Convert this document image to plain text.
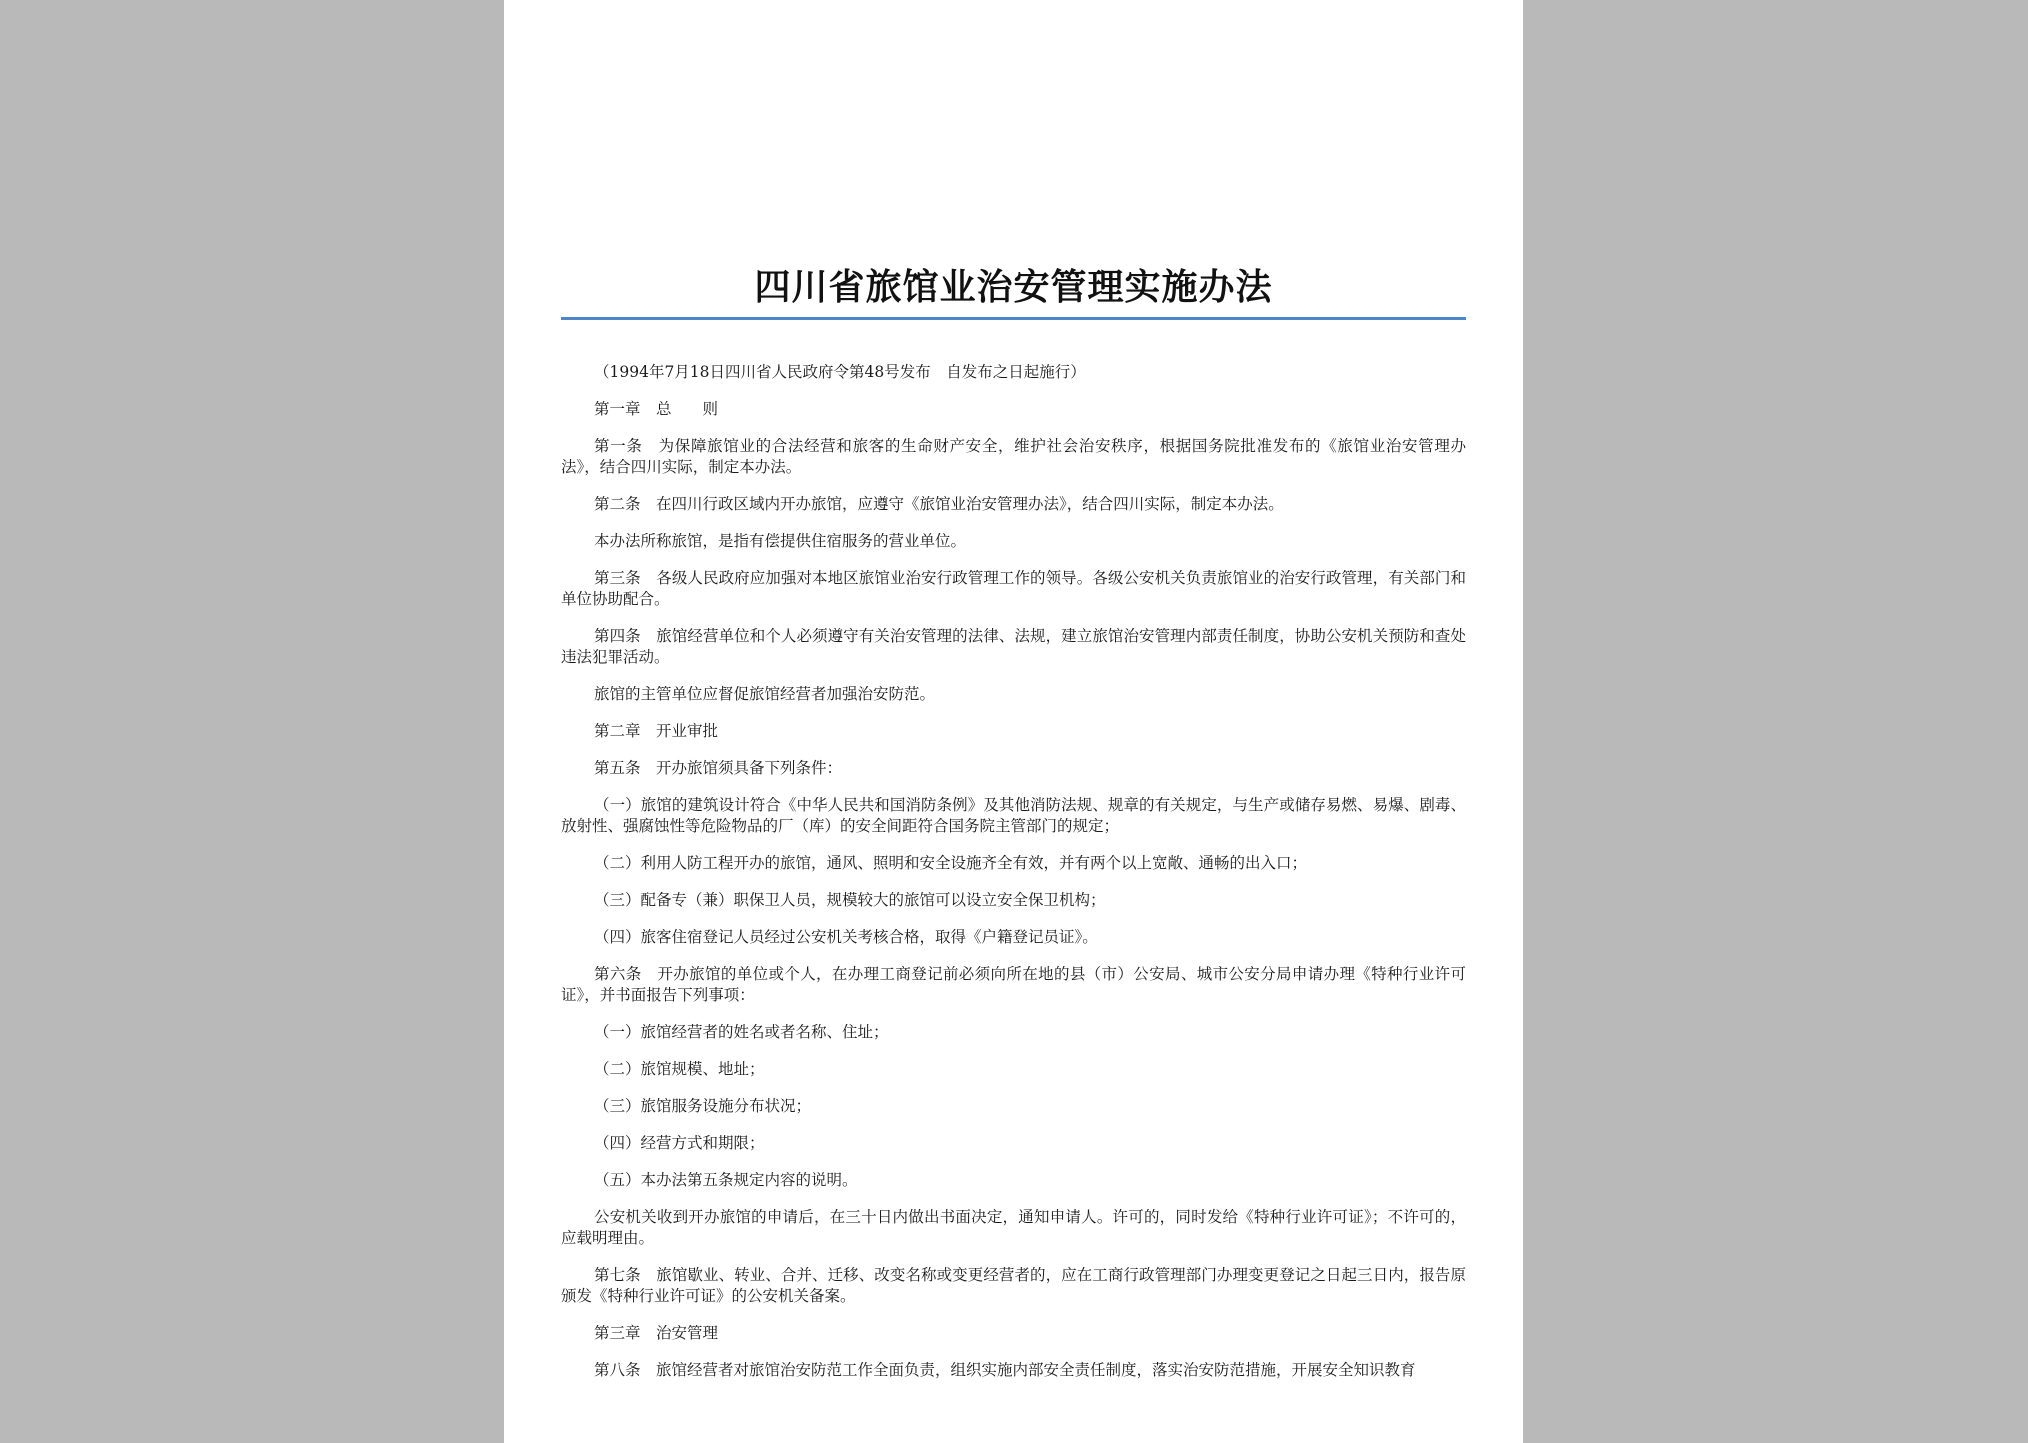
四川省旅馆业治安管理实施办法

（1994年7月18日四川省人民政府令第48号发布　自发布之日起施行）

第一章　总　　则

第一条　为保障旅馆业的合法经营和旅客的生命财产安全，维护社会治安秩序，根据国务院批准发布的《旅馆业治安管理办法》，结合四川实际，制定本办法。

第二条　在四川行政区域内开办旅馆，应遵守《旅馆业治安管理办法》，结合四川实际，制定本办法。

本办法所称旅馆，是指有偿提供住宿服务的营业单位。

第三条　各级人民政府应加强对本地区旅馆业治安行政管理工作的领导。各级公安机关负责旅馆业的治安行政管理，有关部门和单位协助配合。

第四条　旅馆经营单位和个人必须遵守有关治安管理的法律、法规，建立旅馆治安管理内部责任制度，协助公安机关预防和查处违法犯罪活动。

旅馆的主管单位应督促旅馆经营者加强治安防范。

第二章　开业审批

第五条　开办旅馆须具备下列条件：

（一）旅馆的建筑设计符合《中华人民共和国消防条例》及其他消防法规、规章的有关规定，与生产或储存易燃、易爆、剧毒、放射性、强腐蚀性等危险物品的厂（库）的安全间距符合国务院主管部门的规定；

（二）利用人防工程开办的旅馆，通风、照明和安全设施齐全有效，并有两个以上宽敞、通畅的出入口；

（三）配备专（兼）职保卫人员，规模较大的旅馆可以设立安全保卫机构；

（四）旅客住宿登记人员经过公安机关考核合格，取得《户籍登记员证》。

第六条　开办旅馆的单位或个人，在办理工商登记前必须向所在地的县（市）公安局、城市公安分局申请办理《特种行业许可证》，并书面报告下列事项：

（一）旅馆经营者的姓名或者名称、住址；

（二）旅馆规模、地址；

（三）旅馆服务设施分布状况；

（四）经营方式和期限；

（五）本办法第五条规定内容的说明。

公安机关收到开办旅馆的申请后，在三十日内做出书面决定，通知申请人。许可的，同时发给《特种行业许可证》；不许可的，应载明理由。

第七条　旅馆歇业、转业、合并、迁移、改变名称或变更经营者的，应在工商行政管理部门办理变更登记之日起三日内，报告原颁发《特种行业许可证》的公安机关备案。

第三章　治安管理

第八条　旅馆经营者对旅馆治安防范工作全面负责，组织实施内部安全责任制度，落实治安防范措施，开展安全知识教育
